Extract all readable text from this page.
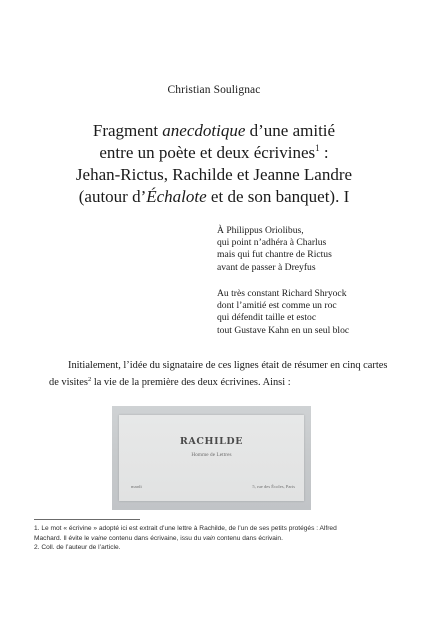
Christian Soulignac
Fragment anecdotique d’une amitié
entre un poète et deux écrivines$^1$ :
Jehan-Rictus, Rachilde et Jeanne Landre
(autour d’Échalote et de son banquet). I
À Philippus Oriolibus,
qui point n’adhéra à Charlus
mais qui fut chantre de Rictus
avant de passer à Dreyfus
Au très constant Richard Shryock
dont l’amitié est comme un roc
qui défendit taille et estoc
tout Gustave Kahn en un seul bloc
Initialement, l’idée du signataire de ces lignes était de résumer en cinq cartes
de visites$^2$ la vie de la première des deux écrivines. Ainsi :
RACHILDE
Homme de Lettres
mardi	5, rue des Écoles, Paris
1. Le mot « écrivine » adopté ici est extrait d’une lettre à Rachilde, de l’un de ses petits protégés : Alfred
Machard. Il évite le vaine contenu dans écrivaine, issu du vain contenu dans écrivain.
2. Coll. de l’auteur de l’article.
